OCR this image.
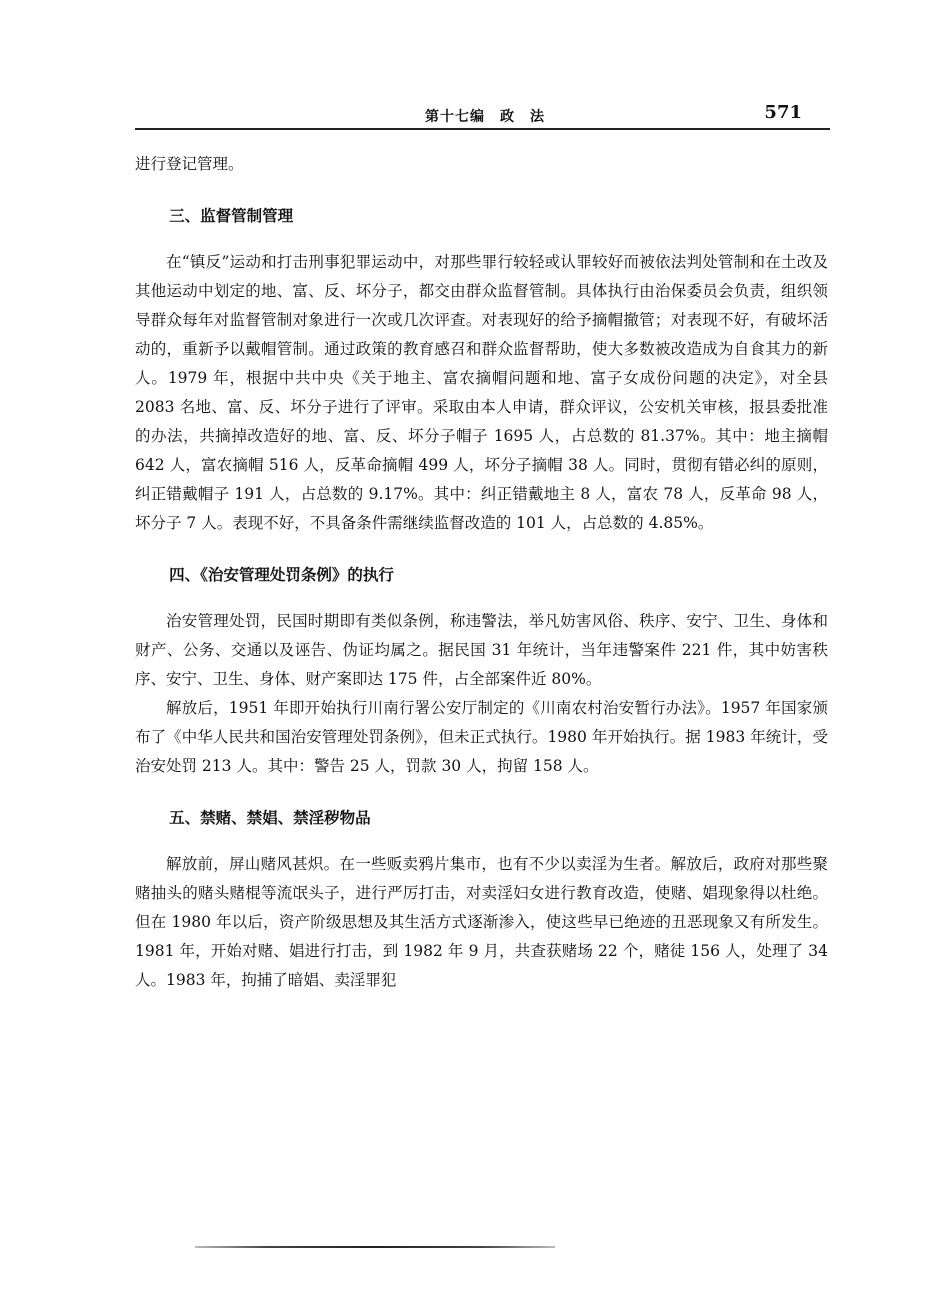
第十七编　政　法	571

进行登记管理。

三、监督管制管理

在“镇反”运动和打击刑事犯罪运动中，对那些罪行较轻或认罪较好而被依法判处管制和在土改及其他运动中划定的地、富、反、坏分子，都交由群众监督管制。具体执行由治保委员会负责，组织领导群众每年对监督管制对象进行一次或几次评查。对表现好的给予摘帽撤管；对表现不好，有破坏活动的，重新予以戴帽管制。通过政策的教育感召和群众监督帮助，使大多数被改造成为自食其力的新人。1979 年，根据中共中央《关于地主、富农摘帽问题和地、富子女成份问题的决定》，对全县 2083 名地、富、反、坏分子进行了评审。采取由本人申请，群众评议，公安机关审核，报县委批准的办法，共摘掉改造好的地、富、反、坏分子帽子 1695 人，占总数的 81.37%。其中：地主摘帽 642 人，富农摘帽 516 人，反革命摘帽 499 人，坏分子摘帽 38 人。同时，贯彻有错必纠的原则，纠正错戴帽子 191 人，占总数的 9.17%。其中：纠正错戴地主 8 人，富农 78 人，反革命 98 人，坏分子 7 人。表现不好，不具备条件需继续监督改造的 101 人，占总数的 4.85%。

四、《治安管理处罚条例》的执行

治安管理处罚，民国时期即有类似条例，称违警法，举凡妨害风俗、秩序、安宁、卫生、身体和财产、公务、交通以及诬告、伪证均属之。据民国 31 年统计，当年违警案件 221 件，其中妨害秩序、安宁、卫生、身体、财产案即达 175 件，占全部案件近 80%。

解放后，1951 年即开始执行川南行署公安厅制定的《川南农村治安暂行办法》。1957 年国家颁布了《中华人民共和国治安管理处罚条例》，但未正式执行。1980 年开始执行。据 1983 年统计，受治安处罚 213 人。其中：警告 25 人，罚款 30 人，拘留 158 人。

五、禁赌、禁娼、禁淫秽物品

解放前，屏山赌风甚炽。在一些贩卖鸦片集市，也有不少以卖淫为生者。解放后，政府对那些聚赌抽头的赌头赌棍等流氓头子，进行严厉打击，对卖淫妇女进行教育改造，使赌、娼现象得以杜绝。但在 1980 年以后，资产阶级思想及其生活方式逐渐渗入，使这些早已绝迹的丑恶现象又有所发生。1981 年，开始对赌、娼进行打击，到 1982 年 9 月，共查获赌场 22 个，赌徒 156 人，处理了 34 人。1983 年，拘捕了暗娼、卖淫罪犯
